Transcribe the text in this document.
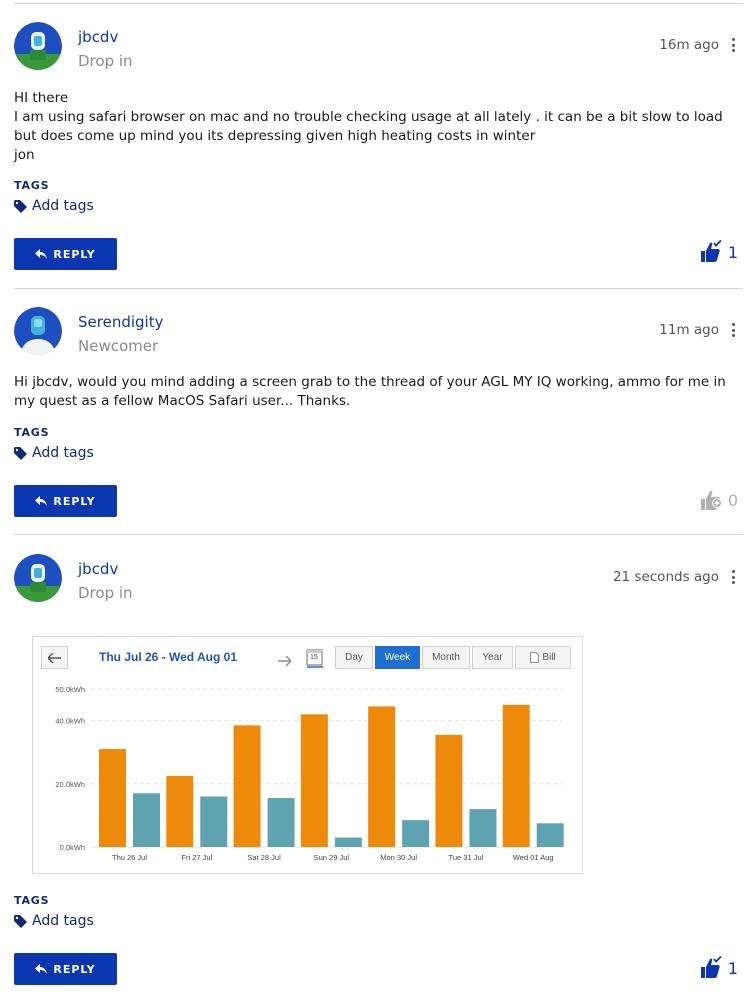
jbcdv
Drop in
16m ago
HI there
I am using safari browser on mac and no trouble checking usage at all lately . it can be a bit slow to load but does come up mind you its depressing given high heating costs in winter
jon
TAGS
Add tags
REPLY	1
Serendigity
Newcomer
11m ago
Hi jbcdv, would you mind adding a screen grab to the thread of your AGL MY IQ working, ammo for me in my quest as a fellow MacOS Safari user... Thanks.
TAGS
Add tags
REPLY	0
jbcdv
Drop in
21 seconds ago
Thu Jul 26 - Wed Aug 01	15	Day	Week	Month Year	Bill
0.0kWh
20.0kWh
40.0kWh
50.0kWh
Thu 26 Jul	Fri 27 Jul	Sat 28 Jul	Sun 29 Jul	Mon 30 Jul	Tue 31 Jul	Wed 01 Aug
TAGS
Add tags
REPLY	1
